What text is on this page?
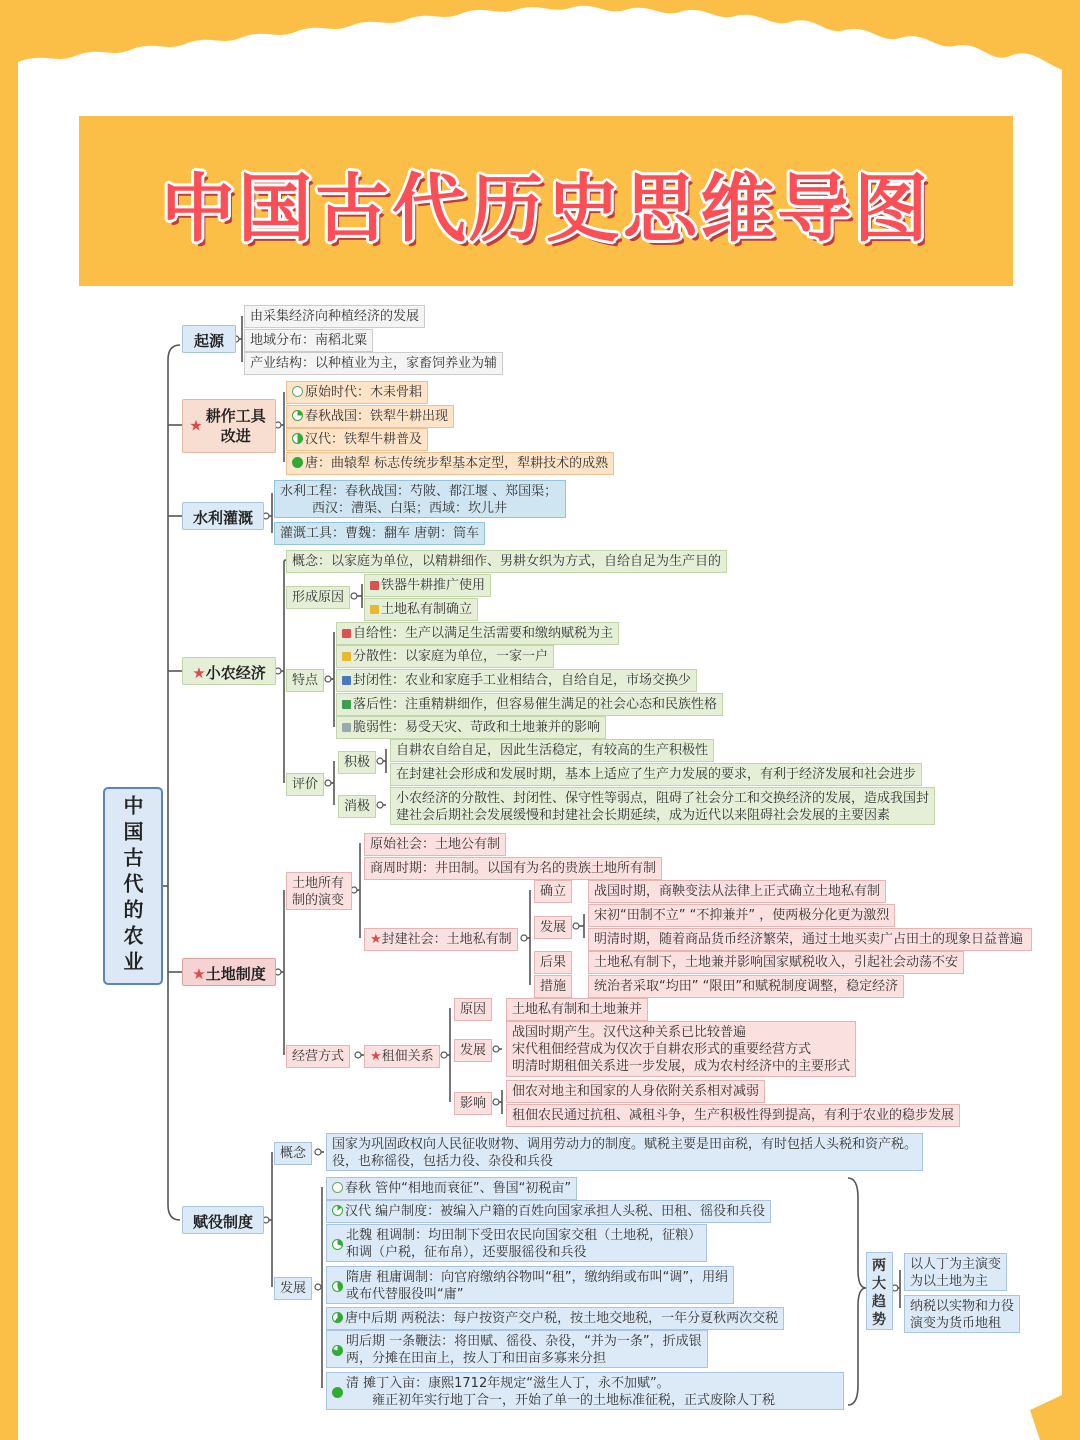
中国古代历史思维导图
中国古代的农业
起源
由采集经济向种植经济的发展
地域分布：南稻北粟
产业结构：以种植业为主，家畜饲养业为辅
★耕作工具改进
原始时代：木耒骨耜
春秋战国：铁犁牛耕出现
汉代：铁犁牛耕普及
唐：曲辕犁 标志传统步犁基本定型，犁耕技术的成熟
水利灌溉
水利工程：春秋战国：芍陂、都江堰 、郑国渠；
西汉：漕渠、白渠；西域：坎儿井
灌溉工具：曹魏：翻车 唐朝：筒车
★小农经济
概念：以家庭为单位，以精耕细作、男耕女织为方式，自给自足为生产目的
形成原因
铁器牛耕推广使用
土地私有制确立
特点
自给性：生产以满足生活需要和缴纳赋税为主
分散性：以家庭为单位，一家一户
封闭性：农业和家庭手工业相结合，自给自足，市场交换少
落后性：注重精耕细作，但容易催生满足的社会心态和民族性格
脆弱性：易受天灾、苛政和土地兼并的影响
评价
积极
自耕农自给自足，因此生活稳定，有较高的生产积极性
在封建社会形成和发展时期，基本上适应了生产力发展的要求，有利于经济发展和社会进步
消极
小农经济的分散性、封闭性、保守性等弱点，阻碍了社会分工和交换经济的发展，造成我国封
建社会后期社会发展缓慢和封建社会长期延续，成为近代以来阻碍社会发展的主要因素
★土地制度
土地所有制的演变
原始社会：土地公有制
商周时期：井田制。以国有为名的贵族土地所有制
★封建社会：土地私有制
确立	战国时期，商鞅变法从法律上正式确立土地私有制
发展
宋初“田制不立” “不抑兼并” ，使两极分化更为激烈
明清时期，随着商品货币经济繁荣，通过土地买卖广占田土的现象日益普遍
后果	土地私有制下，土地兼并影响国家赋税收入，引起社会动荡不安
措施	统治者采取“均田” “限田”和赋税制度调整，稳定经济
经营方式	★租佃关系
原因	土地私有制和土地兼并
发展
战国时期产生。汉代这种关系已比较普遍
宋代租佃经营成为仅次于自耕农形式的重要经营方式
明清时期租佃关系进一步发展，成为农村经济中的主要形式
影响
佃农对地主和国家的人身依附关系相对减弱
租佃农民通过抗租、减租斗争，生产积极性得到提高，有利于农业的稳步发展
赋役制度
概念
国家为巩固政权向人民征收财物、调用劳动力的制度。赋税主要是田亩税，有时包括人头税和资产税。
役，也称徭役，包括力役、杂役和兵役
发展
春秋 管仲“相地而衰征”、鲁国“初税亩”
汉代 编户制度：被编入户籍的百姓向国家承担人头税、田租、徭役和兵役
北魏 租调制：均田制下受田农民向国家交租（土地税，征粮）
和调（户税，征布帛），还要服徭役和兵役
隋唐 租庸调制：向官府缴纳谷物叫“租”，缴纳绢或布叫“调”，用绢
或布代替服役叫“庸”
唐中后期 两税法：每户按资产交户税，按土地交地税，一年分夏秋两次交税
明后期 一条鞭法：将田赋、徭役、杂役，“并为一条”，折成银
两，分摊在田亩上，按人丁和田亩多寡来分担
清 摊丁入亩：康熙1712年规定“滋生人丁，永不加赋”。
雍正初年实行地丁合一，开始了单一的土地标准征税，正式废除人丁税
两大趋势
以人丁为主演变
为以土地为主
纳税以实物和力役
演变为货币地租
